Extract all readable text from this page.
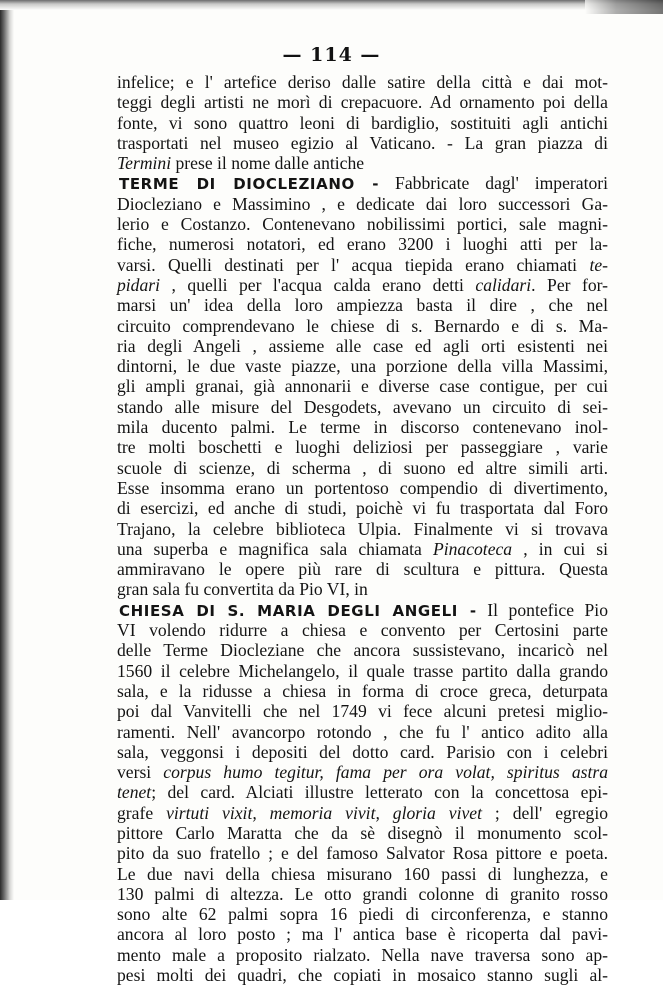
— 114 —
infelice; e l' artefice deriso dalle satire della città e dai mot-
teggi degli artisti ne morì di crepacuore. Ad ornamento poi della
fonte, vi sono quattro leoni di bardiglio, sostituiti agli antichi
trasportati nel museo egizio al Vaticano. - La gran piazza di
Termini prese il nome dalle antiche
TERME DI DIOCLEZIANO - Fabbricate dagl' imperatori
Diocleziano e Massimino , e dedicate dai loro successori Ga-
lerio e Costanzo. Contenevano nobilissimi portici, sale magni-
fiche, numerosi notatori, ed erano 3200 i luoghi atti per la-
varsi. Quelli destinati per l' acqua tiepida erano chiamati te-
pidari , quelli per l'acqua calda erano detti calidari. Per for-
marsi un' idea della loro ampiezza basta il dire , che nel
circuito comprendevano le chiese di s. Bernardo e di s. Ma-
ria degli Angeli , assieme alle case ed agli orti esistenti nei
dintorni, le due vaste piazze, una porzione della villa Massimi,
gli ampli granai, già annonarii e diverse case contigue, per cui
stando alle misure del Desgodets, avevano un circuito di sei-
mila ducento palmi. Le terme in discorso contenevano inol-
tre molti boschetti e luoghi deliziosi per passeggiare , varie
scuole di scienze, di scherma , di suono ed altre simili arti.
Esse insomma erano un portentoso compendio di divertimento,
di esercizi, ed anche di studi, poichè vi fu trasportata dal Foro
Trajano, la celebre biblioteca Ulpia. Finalmente vi si trovava
una superba e magnifica sala chiamata Pinacoteca , in cui si
ammiravano le opere più rare di scultura e pittura. Questa
gran sala fu convertita da Pio VI, in
CHIESA DI S. MARIA DEGLI ANGELI - Il pontefice Pio
VI volendo ridurre a chiesa e convento per Certosini parte
delle Terme Diocleziane che ancora sussistevano, incaricò nel
1560 il celebre Michelangelo, il quale trasse partito dalla grando
sala, e la ridusse a chiesa in forma di croce greca, deturpata
poi dal Vanvitelli che nel 1749 vi fece alcuni pretesi miglio-
ramenti. Nell' avancorpo rotondo , che fu l' antico adito alla
sala, veggonsi i depositi del dotto card. Parisio con i celebri
versi corpus humo tegitur, fama per ora volat, spiritus astra
tenet; del card. Alciati illustre letterato con la concettosa epi-
grafe virtuti vixit, memoria vivit, gloria vivet ; dell' egregio
pittore Carlo Maratta che da sè disegnò il monumento scol-
pito da suo fratello ; e del famoso Salvator Rosa pittore e poeta.
Le due navi della chiesa misurano 160 passi di lunghezza, e
130 palmi di altezza. Le otto grandi colonne di granito rosso
sono alte 62 palmi sopra 16 piedi di circonferenza, e stanno
ancora al loro posto ; ma l' antica base è ricoperta dal pavi-
mento male a proposito rialzato. Nella nave traversa sono ap-
pesi molti dei quadri, che copiati in mosaico stanno sugli al-
